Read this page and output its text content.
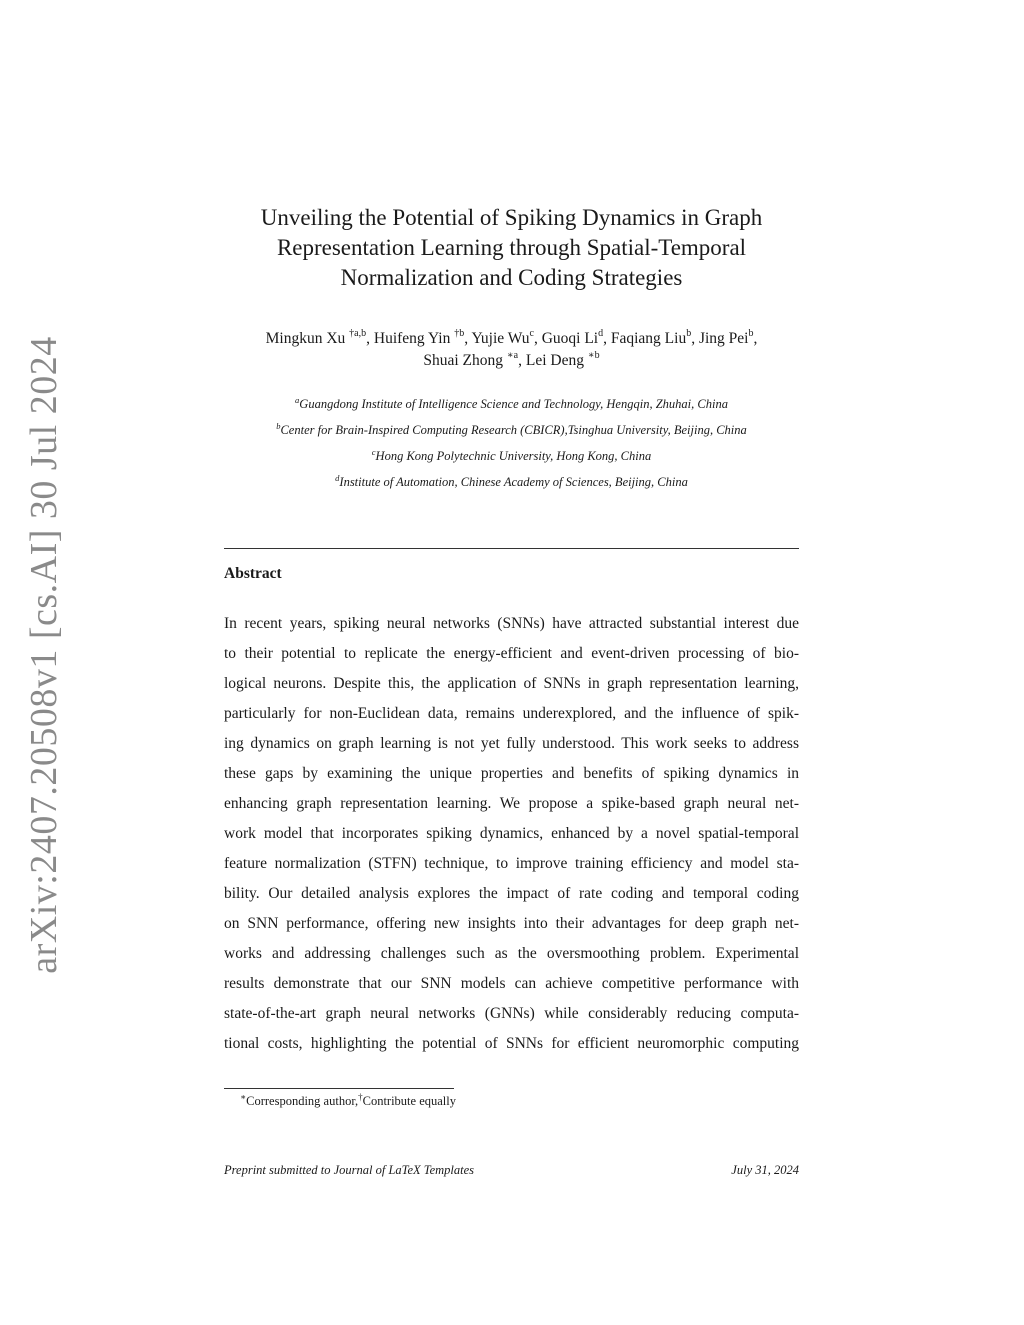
arXiv:2407.20508v1 [cs.AI] 30 Jul 2024
Unveiling the Potential of Spiking Dynamics in Graph
Representation Learning through Spatial-Temporal
Normalization and Coding Strategies
Mingkun Xu $^{\dagger a,b}$, Huifeng Yin $^{\dagger b}$, Yujie Wu$^c$, Guoqi Li$^d$, Faqiang Liu$^b$, Jing Pei$^b$,
Shuai Zhong $^{∗a}$, Lei Deng $^{∗b}$
$^a$Guangdong Institute of Intelligence Science and Technology, Hengqin, Zhuhai, China
$^b$Center for Brain-Inspired Computing Research (CBICR),Tsinghua University, Beijing, China
$^c$Hong Kong Polytechnic University, Hong Kong, China
$^d$Institute of Automation, Chinese Academy of Sciences, Beijing, China
Abstract
In recent years, spiking neural networks (SNNs) have attracted substantial interest due
to their potential to replicate the energy-efficient and event-driven processing of bio-
logical neurons. Despite this, the application of SNNs in graph representation learning,
particularly for non-Euclidean data, remains underexplored, and the influence of spik-
ing dynamics on graph learning is not yet fully understood. This work seeks to address
these gaps by examining the unique properties and benefits of spiking dynamics in
enhancing graph representation learning. We propose a spike-based graph neural net-
work model that incorporates spiking dynamics, enhanced by a novel spatial-temporal
feature normalization (STFN) technique, to improve training efficiency and model sta-
bility. Our detailed analysis explores the impact of rate coding and temporal coding
on SNN performance, offering new insights into their advantages for deep graph net-
works and addressing challenges such as the oversmoothing problem. Experimental
results demonstrate that our SNN models can achieve competitive performance with
state-of-the-art graph neural networks (GNNs) while considerably reducing computa-
tional costs, highlighting the potential of SNNs for efficient neuromorphic computing
∗Corresponding author,†Contribute equally
Preprint submitted to Journal of LaTeX Templates	July 31, 2024
